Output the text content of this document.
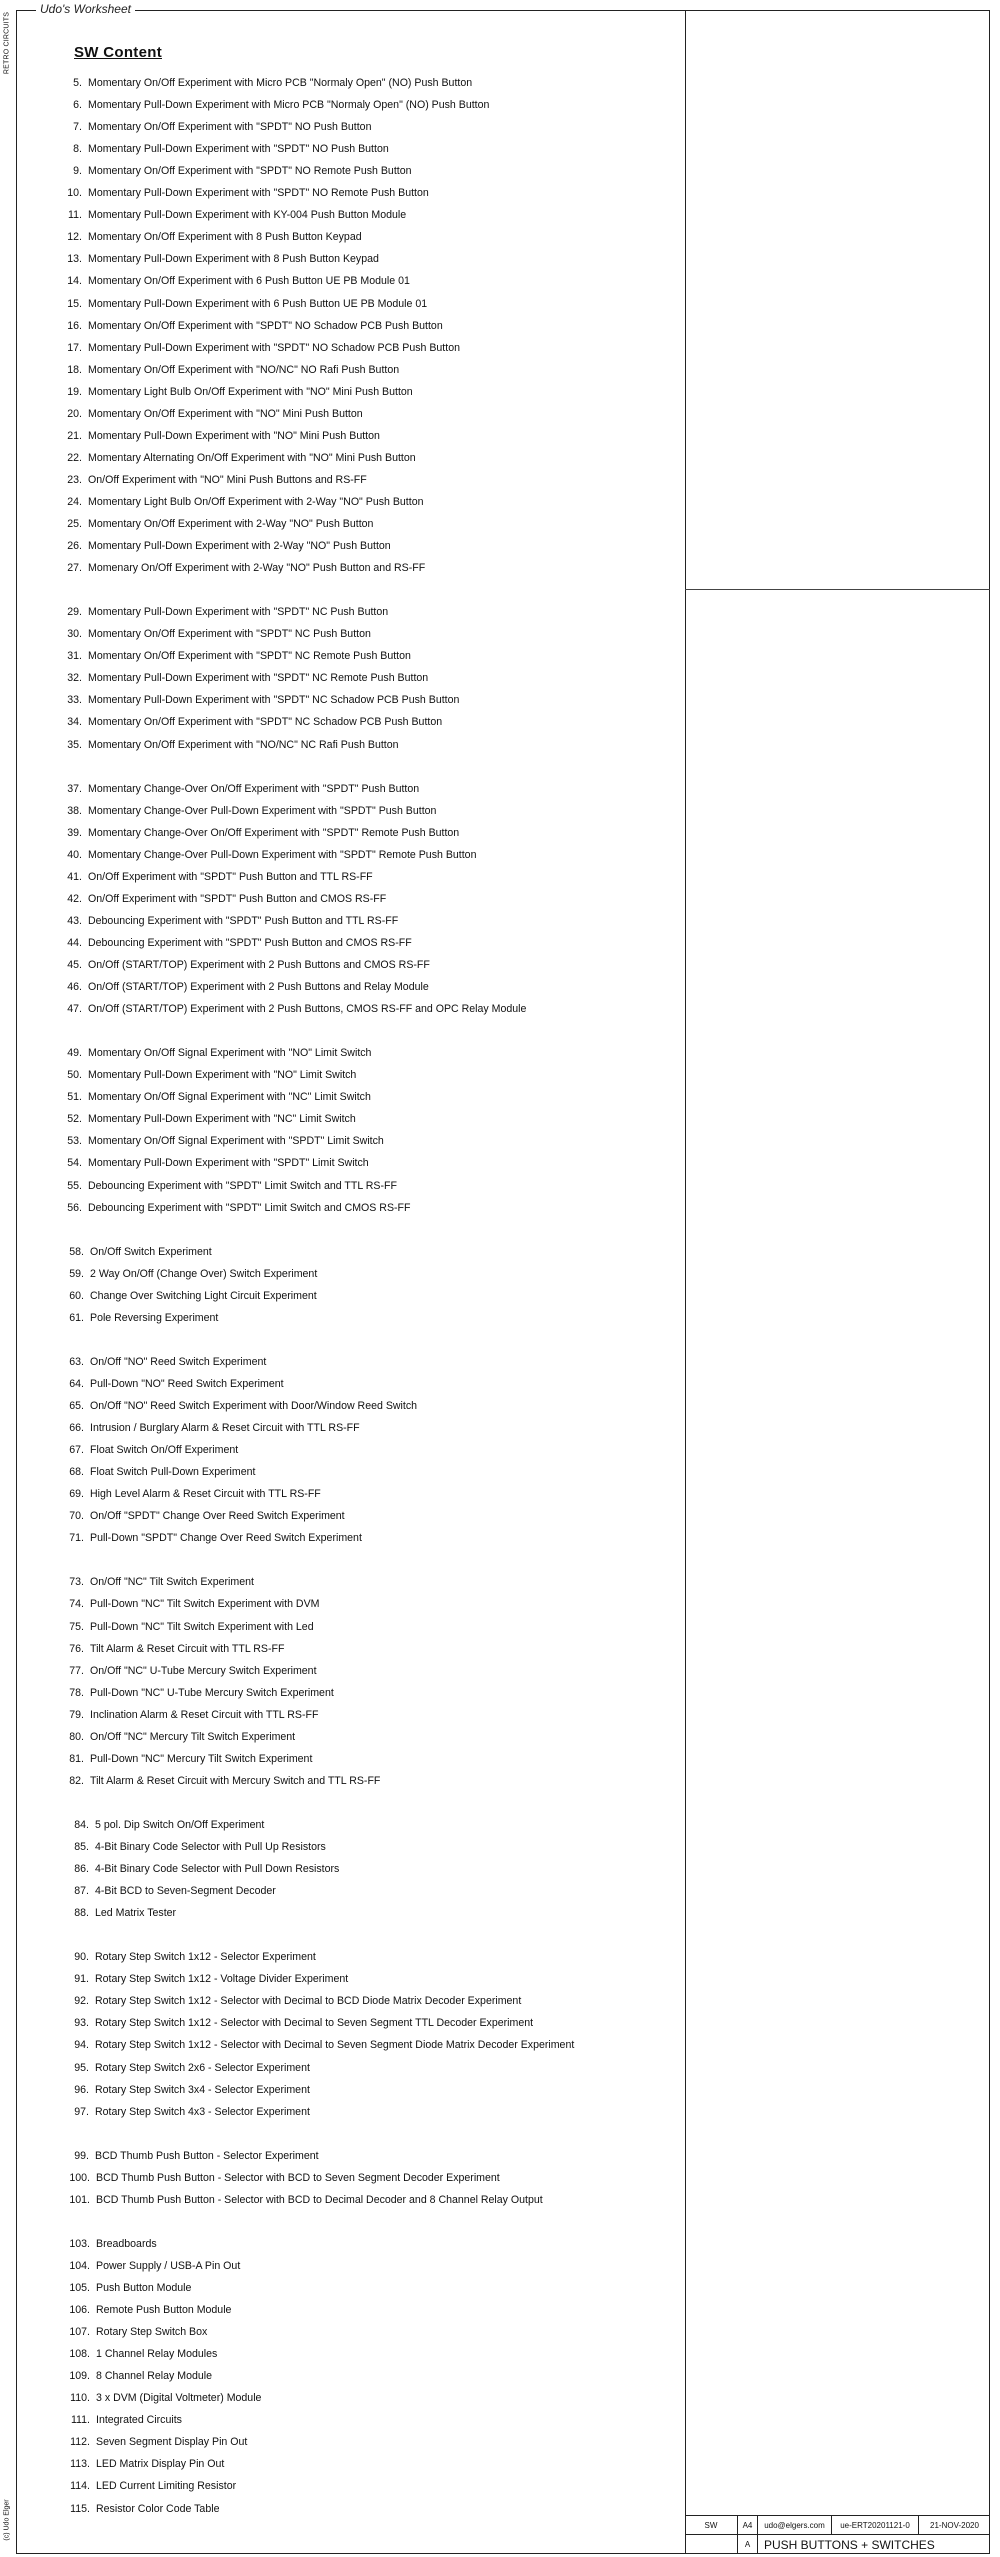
RETRO CIRCUITS
Udo's Worksheet
SW Content
5. Momentary On/Off Experiment with Micro PCB "Normaly Open" (NO) Push Button
6. Momentary Pull-Down Experiment with Micro PCB "Normaly Open" (NO) Push Button
7. Momentary On/Off Experiment with "SPDT" NO Push Button
8. Momentary Pull-Down Experiment with "SPDT" NO Push Button
9. Momentary On/Off Experiment with "SPDT" NO Remote Push Button
10. Momentary Pull-Down Experiment with "SPDT" NO Remote Push Button
11. Momentary Pull-Down Experiment with KY-004 Push Button Module
12. Momentary On/Off Experiment with 8 Push Button Keypad
13. Momentary Pull-Down Experiment with 8 Push Button Keypad
14. Momentary On/Off Experiment with 6 Push Button UE PB Module 01
15. Momentary Pull-Down Experiment with 6 Push Button UE PB Module 01
16. Momentary On/Off Experiment with "SPDT" NO Schadow PCB Push Button
17. Momentary Pull-Down Experiment with "SPDT" NO Schadow PCB Push Button
18. Momentary On/Off Experiment with "NO/NC" NO Rafi Push Button
19. Momentary Light Bulb On/Off Experiment with "NO" Mini Push Button
20. Momentary On/Off Experiment with "NO" Mini Push Button
21. Momentary Pull-Down Experiment with "NO" Mini Push Button
22. Momentary Alternating On/Off Experiment with "NO" Mini Push Button
23. On/Off Experiment with "NO" Mini Push Buttons and RS-FF
24. Momentary Light Bulb On/Off Experiment with 2-Way "NO" Push Button
25. Momentary On/Off Experiment with 2-Way "NO" Push Button
26. Momentary Pull-Down Experiment with 2-Way "NO" Push Button
27. Momenary On/Off Experiment with 2-Way "NO" Push Button and RS-FF
29. Momentary Pull-Down Experiment with "SPDT" NC Push Button
30. Momentary On/Off Experiment with "SPDT" NC Push Button
31. Momentary On/Off Experiment with "SPDT" NC Remote Push Button
32. Momentary Pull-Down Experiment with "SPDT" NC Remote Push Button
33. Momentary Pull-Down Experiment with "SPDT" NC Schadow PCB Push Button
34. Momentary On/Off Experiment with "SPDT" NC Schadow PCB Push Button
35. Momentary On/Off Experiment with "NO/NC" NC Rafi Push Button
37. Momentary Change-Over On/Off Experiment with "SPDT" Push Button
38. Momentary Change-Over Pull-Down Experiment with "SPDT" Push Button
39. Momentary Change-Over On/Off Experiment with "SPDT" Remote Push Button
40. Momentary Change-Over Pull-Down Experiment with "SPDT" Remote Push Button
41. On/Off Experiment with "SPDT" Push Button and TTL RS-FF
42. On/Off Experiment with "SPDT" Push Button and CMOS RS-FF
43. Debouncing Experiment with "SPDT" Push Button and TTL RS-FF
44. Debouncing Experiment with "SPDT" Push Button and CMOS RS-FF
45. On/Off (START/TOP) Experiment with 2 Push Buttons and CMOS RS-FF
46. On/Off (START/TOP) Experiment with 2 Push Buttons and Relay Module
47. On/Off (START/TOP) Experiment with 2 Push Buttons, CMOS RS-FF and OPC Relay Module
49. Momentary On/Off Signal Experiment with "NO" Limit Switch
50. Momentary Pull-Down Experiment with "NO" Limit Switch
51. Momentary On/Off Signal Experiment with "NC" Limit Switch
52. Momentary Pull-Down Experiment with "NC" Limit Switch
53. Momentary On/Off Signal Experiment with "SPDT" Limit Switch
54. Momentary Pull-Down Experiment with "SPDT" Limit Switch
55. Debouncing Experiment with "SPDT" Limit Switch and TTL RS-FF
56. Debouncing Experiment with "SPDT" Limit Switch and CMOS RS-FF
58. On/Off Switch Experiment
59. 2 Way On/Off (Change Over) Switch Experiment
60. Change Over Switching Light Circuit Experiment
61. Pole Reversing Experiment
63. On/Off "NO" Reed Switch Experiment
64. Pull-Down "NO" Reed Switch Experiment
65. On/Off "NO" Reed Switch Experiment with Door/Window Reed Switch
66. Intrusion / Burglary Alarm & Reset Circuit with TTL RS-FF
67. Float Switch On/Off Experiment
68. Float Switch Pull-Down Experiment
69. High Level Alarm & Reset Circuit with TTL RS-FF
70. On/Off "SPDT" Change Over Reed Switch Experiment
71. Pull-Down "SPDT" Change Over Reed Switch Experiment
73. On/Off "NC" Tilt Switch Experiment
74. Pull-Down "NC" Tilt Switch Experiment with DVM
75. Pull-Down "NC" Tilt Switch Experiment with Led
76. Tilt Alarm & Reset Circuit with TTL RS-FF
77. On/Off "NC" U-Tube Mercury Switch Experiment
78. Pull-Down "NC" U-Tube Mercury Switch Experiment
79. Inclination Alarm & Reset Circuit with TTL RS-FF
80. On/Off "NC" Mercury Tilt Switch Experiment
81. Pull-Down "NC" Mercury Tilt Switch Experiment
82. Tilt Alarm & Reset Circuit with Mercury Switch and TTL RS-FF
84. 5 pol. Dip Switch On/Off Experiment
85. 4-Bit Binary Code Selector with Pull Up Resistors
86. 4-Bit Binary Code Selector with Pull Down Resistors
87. 4-Bit BCD to Seven-Segment Decoder
88. Led Matrix Tester
90. Rotary Step Switch 1x12 - Selector Experiment
91. Rotary Step Switch 1x12 - Voltage Divider Experiment
92. Rotary Step Switch 1x12 - Selector with Decimal to BCD Diode Matrix Decoder Experiment
93. Rotary Step Switch 1x12 - Selector with Decimal to Seven Segment TTL Decoder Experiment
94. Rotary Step Switch 1x12 - Selector with Decimal to Seven Segment Diode Matrix Decoder Experiment
95. Rotary Step Switch 2x6 - Selector Experiment
96. Rotary Step Switch 3x4 - Selector Experiment
97. Rotary Step Switch 4x3 - Selector Experiment
99. BCD Thumb Push Button - Selector Experiment
100. BCD Thumb Push Button - Selector with BCD to Seven Segment Decoder Experiment
101. BCD Thumb Push Button - Selector with BCD to Decimal Decoder and 8 Channel Relay Output
103. Breadboards
104. Power Supply / USB-A Pin Out
105. Push Button Module
106. Remote Push Button Module
107. Rotary Step Switch Box
108. 1 Channel Relay Modules
109. 8 Channel Relay Module
110. 3 x DVM (Digital Voltmeter) Module
111. Integrated Circuits
112. Seven Segment Display Pin Out
113. LED Matrix Display Pin Out
114. LED Current Limiting Resistor
115. Resistor Color Code Table
(c) Udo Elger	SW	A4	udo@elgers.com	ue-ERT20201121-0	21-NOV-2020
A	PUSH BUTTONS + SWITCHES
